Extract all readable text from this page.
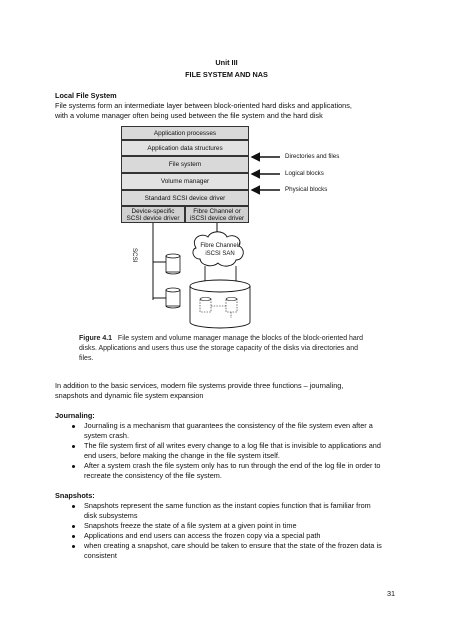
Unit III
FILE SYSTEM AND NAS
Local File System
File systems form an intermediate layer between block-oriented hard disks and applications,
with a volume manager often being used between the file system and the hard disk
Application processes
Application data structures
File system
Volume manager
Standard SCSI device driver
Device-specific
SCSI device driver
Fibre Channel or
iSCSI device driver
Directories and files
Logical blocks
Physical blocks
SCSI
Fibre Channel/
iSCSI SAN
Figure 4.1 File system and volume manager manage the blocks of the block-oriented hard
disks. Applications and users thus use the storage capacity of the disks via directories and
files.
In addition to the basic services, modern file systems provide three functions – journaling,
snapshots and dynamic file system expansion
Journaling:
Journaling is a mechanism that guarantees the consistency of the file system even after a
system crash.
The file system first of all writes every change to a log file that is invisible to applications and
end users, before making the change in the file system itself.
After a system crash the file system only has to run through the end of the log file in order to
recreate the consistency of the file system.
Snapshots:
Snapshots represent the same function as the instant copies function that is familiar from
disk subsystems
Snapshots freeze the state of a file system at a given point in time
Applications and end users can access the frozen copy via a special path
when creating a snapshot, care should be taken to ensure that the state of the frozen data is
consistent
31
